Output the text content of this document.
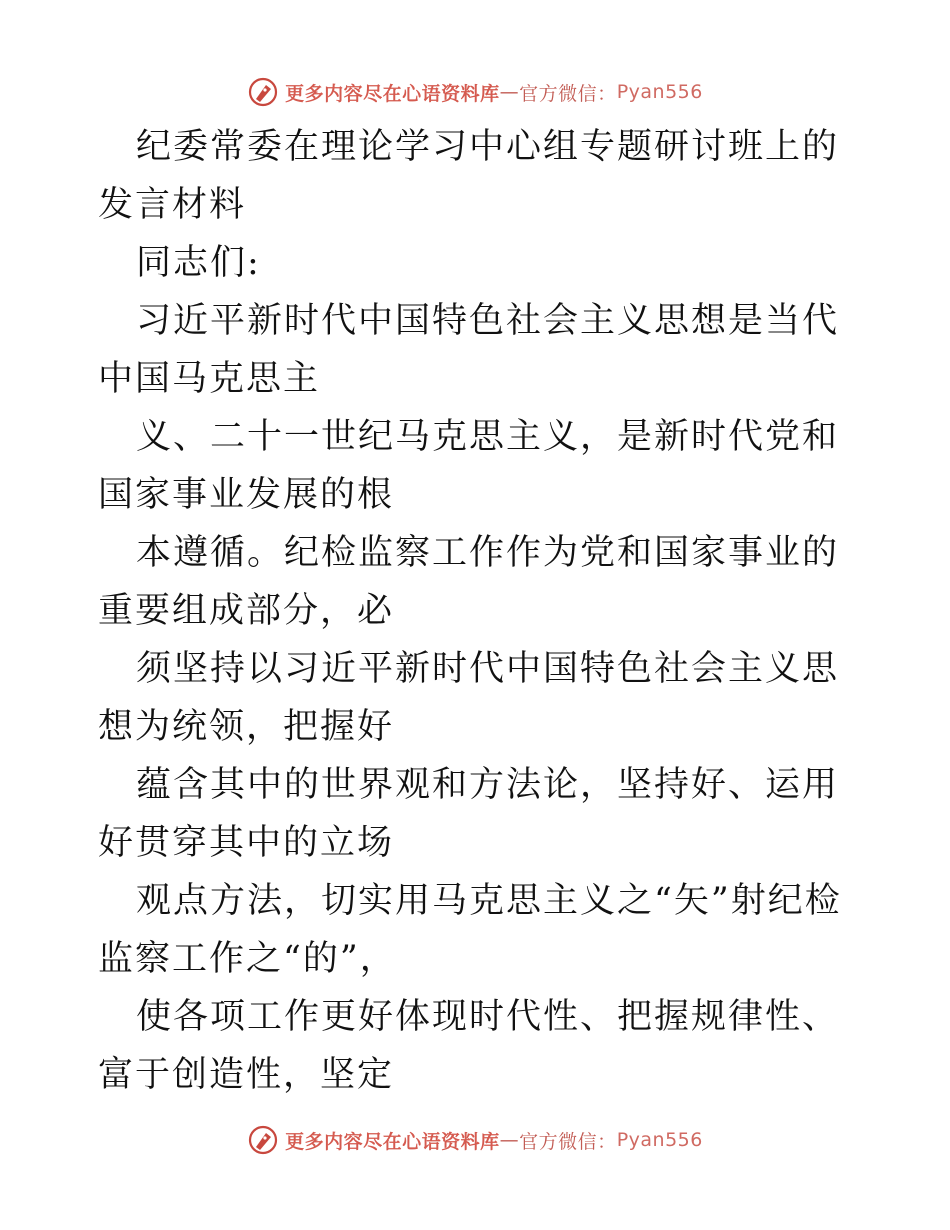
更多内容尽在心语资料库 — 官方微信： Pyan556

纪委常委在理论学习中心组专题研讨班上的发言材料

同志们:

习近平新时代中国特色社会主义思想是当代中国马克思主

义、二十一世纪马克思主义，是新时代党和国家事业发展的根

本遵循。纪检监察工作作为党和国家事业的重要组成部分，必

须坚持以习近平新时代中国特色社会主义思想为统领，把握好

蕴含其中的世界观和方法论，坚持好、运用好贯穿其中的立场

观点方法，切实用马克思主义之“矢”射纪检监察工作之“的”，

使各项工作更好体现时代性、把握规律性、富于创造性，坚定

更多内容尽在心语资料库 — 官方微信： Pyan556
